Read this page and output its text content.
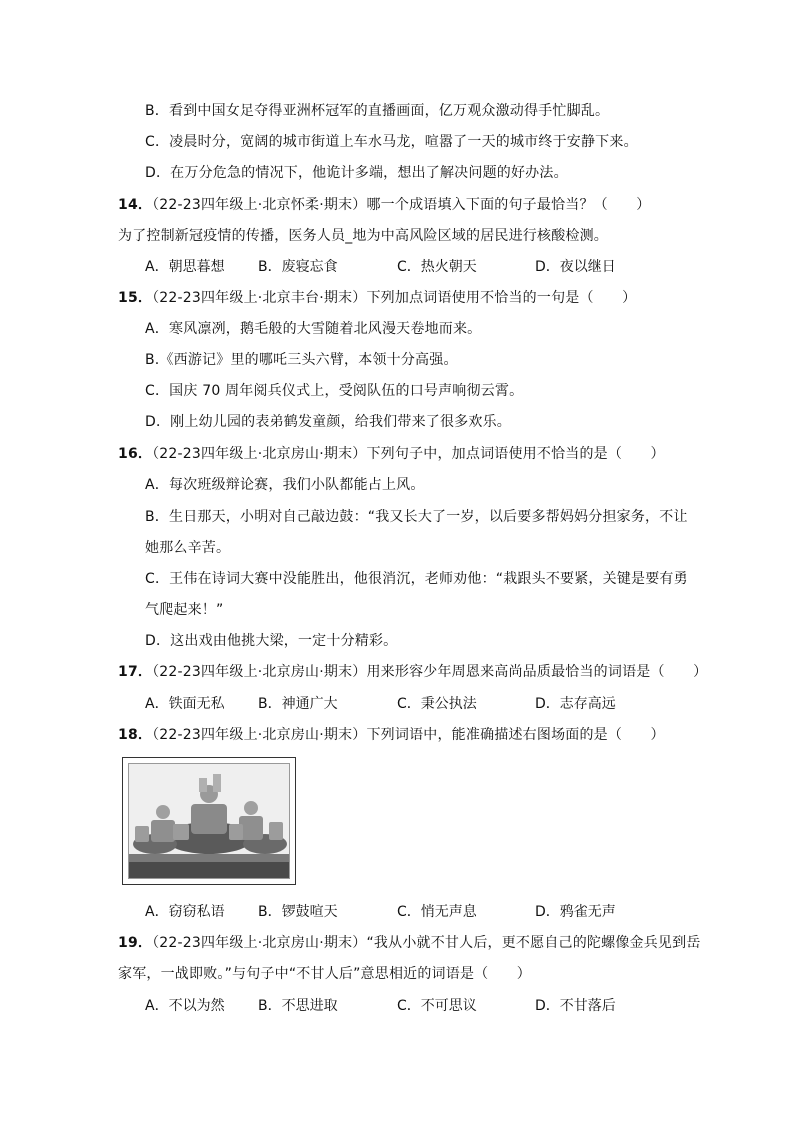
B．看到中国女足夺得亚洲杯冠军的直播画面，亿万观众激动得手忙脚乱。
C．凌晨时分，宽阔的城市街道上车水马龙，喧嚣了一天的城市终于安静下来。
D．在万分危急的情况下，他诡计多端，想出了解决问题的好办法。
14．（22-23四年级上·北京怀柔·期末）哪一个成语填入下面的句子最恰当？（　　）
为了控制新冠疫情的传播，医务人员_地为中高风险区域的居民进行核酸检测。
A．朝思暮想 B．废寝忘食	C．热火朝天	D．夜以继日
15．（22-23四年级上·北京丰台·期末）下列加点词语使用不恰当的一句是（　　）
A．寒风凛冽，鹅毛般的大雪随着北风漫天卷地而来。
B.《西游记》里的哪吒三头六臂，本领十分高强。
C．国庆 70 周年阅兵仪式上，受阅队伍的口号声响彻云霄。
D．刚上幼儿园的表弟鹤发童颜，给我们带来了很多欢乐。
16．（22-23四年级上·北京房山·期末）下列句子中，加点词语使用不恰当的是（　　）
A．每次班级辩论赛，我们小队都能占上风。
B．生日那天，小明对自己敲边鼓：“我又长大了一岁，以后要多帮妈妈分担家务，不让
她那么辛苦。
C．王伟在诗词大赛中没能胜出，他很消沉，老师劝他：“栽跟头不要紧，关键是要有勇
气爬起来！”
D．这出戏由他挑大梁，一定十分精彩。
17．（22-23四年级上·北京房山·期末）用来形容少年周恩来高尚品质最恰当的词语是（　　）
A．铁面无私 B．神通广大	C．秉公执法	D．志存高远
18．（22-23四年级上·北京房山·期末）下列词语中，能准确描述右图场面的是（　　）
A．窃窃私语 B．锣鼓喧天	C．悄无声息	D．鸦雀无声
19．（22-23四年级上·北京房山·期末）“我从小就不甘人后，更不愿自己的陀螺像金兵见到岳
家军，一战即败。”与句子中“不甘人后”意思相近的词语是（　　）
A．不以为然 B．不思进取	C．不可思议	D．不甘落后
